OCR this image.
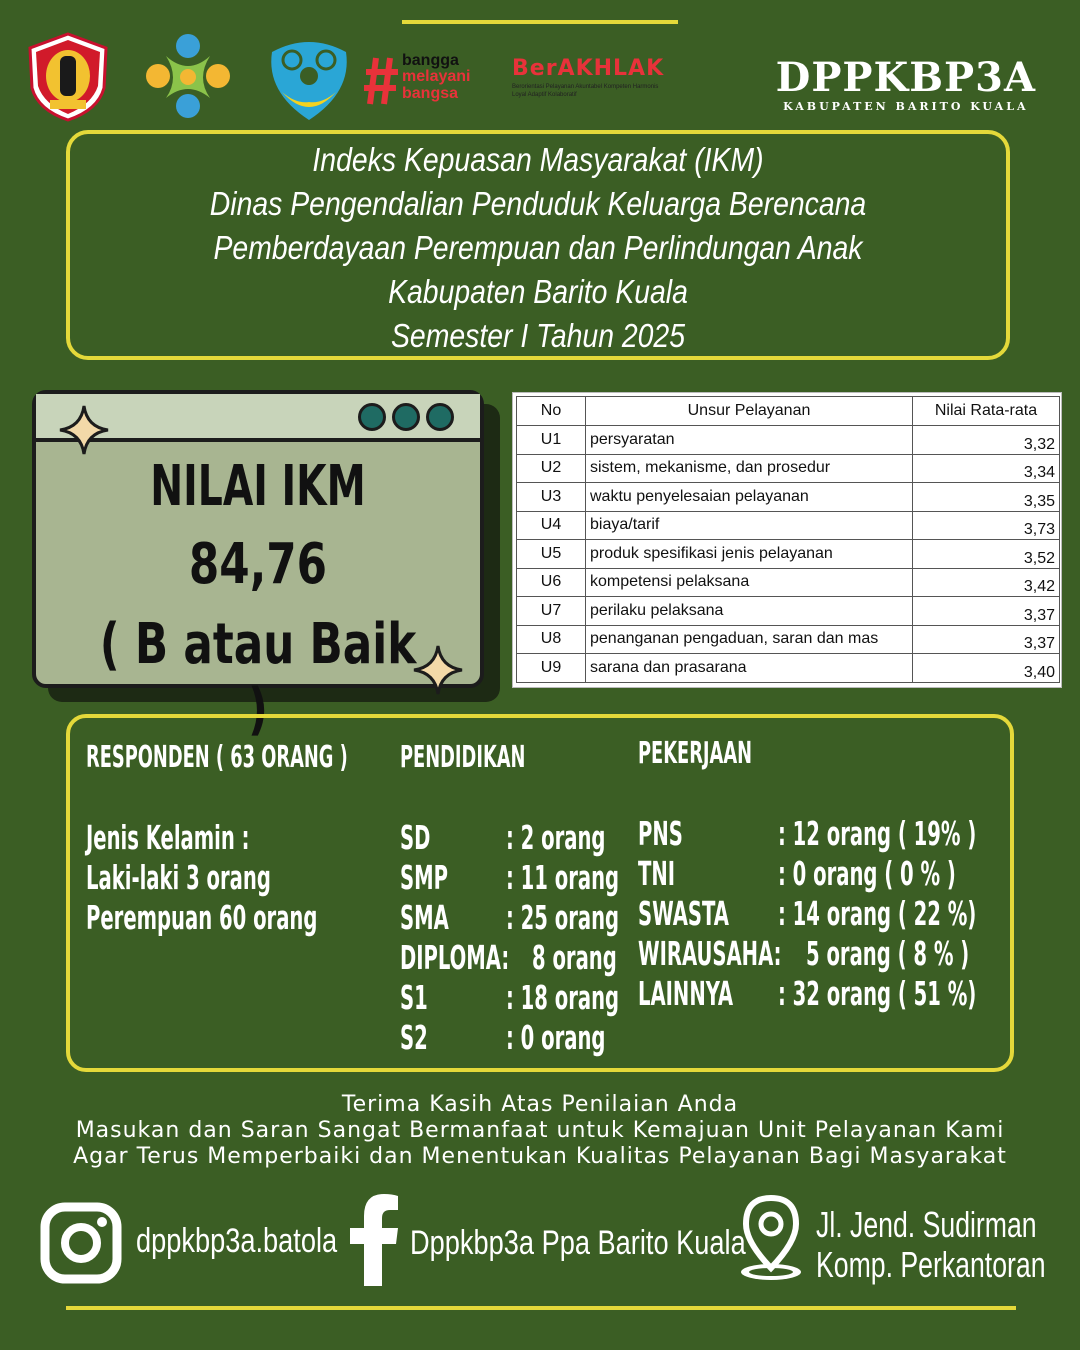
bangga
melayani
bangsa
BerAKHLAK
Berorientasi Pelayanan Akuntabel Kompeten Harmonis Loyal Adaptif Kolaboratif	DPPKBP3A
KABUPATEN BARITO KUALA
Indeks Kepuasan Masyarakat (IKM)
Dinas Pengendalian Penduduk Keluarga Berencana
Pemberdayaan Perempuan dan Perlindungan Anak
Kabupaten Barito Kuala
Semester I Tahun 2025
NILAI IKM
84,76
( B atau Baik )
No	Unsur Pelayanan	Nilai Rata-rata
U1	persyaratan	3,32
U2	sistem, mekanisme, dan prosedur	3,34
U3	waktu penyelesaian pelayanan	3,35
U4	biaya/tarif	3,73
U5	produk spesifikasi jenis pelayanan	3,52
U6	kompetensi pelaksana	3,42
U7	perilaku pelaksana	3,37
U8	penanganan pengaduan, saran dan mas	3,37
U9	sarana dan prasarana	3,40
RESPONDEN ( 63 ORANG )
Jenis Kelamin :
Laki-laki 3 orang
Perempuan 60 orang
PENDIDIKAN
SD : 2 orang
SMP : 11 orang
SMA : 25 orang
DIPLOMA: 8 orang
S1 : 18 orang
S2 : 0 orang
PEKERJAAN
PNS	: 12 orang ( 19% )
TNI	: 0 orang ( 0 % )
SWASTA : 14 orang ( 22 %)
WIRAUSAHA: 5 orang ( 8 % )
LAINNYA : 32 orang ( 51 %)
Terima Kasih Atas Penilaian Anda
Masukan dan Saran Sangat Bermanfaat untuk Kemajuan Unit Pelayanan Kami
Agar Terus Memperbaiki dan Menentukan Kualitas Pelayanan Bagi Masyarakat
dppkbp3a.batola Dppkbp3a Ppa Barito Kuala Jl. Jend. Sudirman
Komp. Perkantoran
